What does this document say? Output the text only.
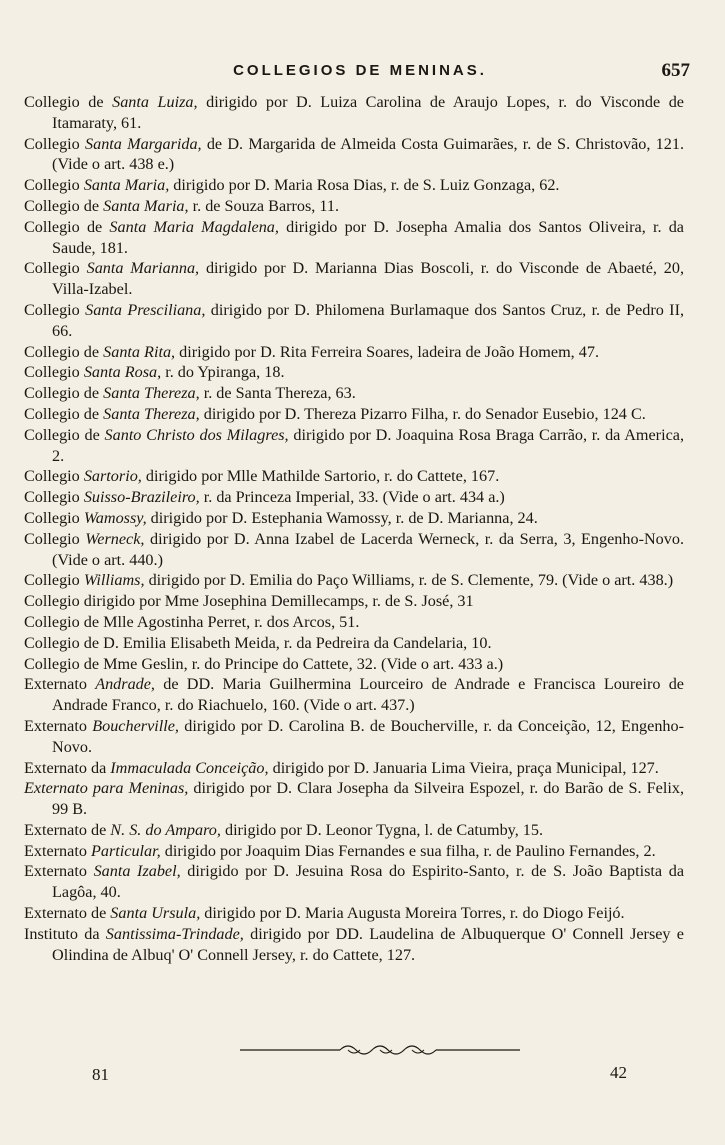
COLLEGIOS DE MENINAS.	657

Collegio de Santa Luiza, dirigido por D. Luiza Carolina de Araujo Lopes, r. do Visconde de Itamaraty, 61.

Collegio Santa Margarida, de D. Margarida de Almeida Costa Guimarães, r. de S. Christovão, 121. (Vide o art. 438 e.)

Collegio Santa Maria, dirigido por D. Maria Rosa Dias, r. de S. Luiz Gonzaga, 62.

Collegio de Santa Maria, r. de Souza Barros, 11.

Collegio de Santa Maria Magdalena, dirigido por D. Josepha Amalia dos Santos Oliveira, r. da Saude, 181.

Collegio Santa Marianna, dirigido por D. Marianna Dias Boscoli, r. do Visconde de Abaeté, 20, Villa-Izabel.

Collegio Santa Presciliana, dirigido por D. Philomena Burlamaque dos Santos Cruz, r. de Pedro II, 66.

Collegio de Santa Rita, dirigido por D. Rita Ferreira Soares, ladeira de João Homem, 47.

Collegio Santa Rosa, r. do Ypiranga, 18.

Collegio de Santa Thereza, r. de Santa Thereza, 63.

Collegio de Santa Thereza, dirigido por D. Thereza Pizarro Filha, r. do Senador Eusebio, 124 C.

Collegio de Santo Christo dos Milagres, dirigido por D. Joaquina Rosa Braga Carrão, r. da America, 2.

Collegio Sartorio, dirigido por Mlle Mathilde Sartorio, r. do Cattete, 167.

Collegio Suisso-Brazileiro, r. da Princeza Imperial, 33. (Vide o art. 434 a.)

Collegio Wamossy, dirigido por D. Estephania Wamossy, r. de D. Marianna, 24.

Collegio Werneck, dirigido por D. Anna Izabel de Lacerda Werneck, r. da Serra, 3, Engenho-Novo. (Vide o art. 440.)

Collegio Williams, dirigido por D. Emilia do Paço Williams, r. de S. Clemente, 79. (Vide o art. 438.)

Collegio dirigido por Mme Josephina Demillecamps, r. de S. José, 31

Collegio de Mlle Agostinha Perret, r. dos Arcos, 51.

Collegio de D. Emilia Elisabeth Meida, r. da Pedreira da Candelaria, 10.

Collegio de Mme Geslin, r. do Principe do Cattete, 32. (Vide o art. 433 a.)

Externato Andrade, de DD. Maria Guilhermina Lourceiro de Andrade e Francisca Loureiro de Andrade Franco, r. do Riachuelo, 160. (Vide o art. 437.)

Externato Boucherville, dirigido por D. Carolina B. de Boucherville, r. da Conceição, 12, Engenho-Novo.

Externato da Immaculada Conceição, dirigido por D. Januaria Lima Vieira, praça Municipal, 127.

Externato para Meninas, dirigido por D. Clara Josepha da Silveira Espozel, r. do Barão de S. Felix, 99 B.

Externato de N. S. do Amparo, dirigido por D. Leonor Tygna, l. de Catumby, 15.

Externato Particular, dirigido por Joaquim Dias Fernandes e sua filha, r. de Paulino Fernandes, 2.

Externato Santa Izabel, dirigido por D. Jesuina Rosa do Espirito-Santo, r. de S. João Baptista da Lagôa, 40.

Externato de Santa Ursula, dirigido por D. Maria Augusta Moreira Torres, r. do Diogo Feijó.

Instituto da Santissima-Trindade, dirigido por DD. Laudelina de Albuquerque O' Connell Jersey e Olindina de Albuq' O' Connell Jersey, r. do Cattete, 127.

81	42
